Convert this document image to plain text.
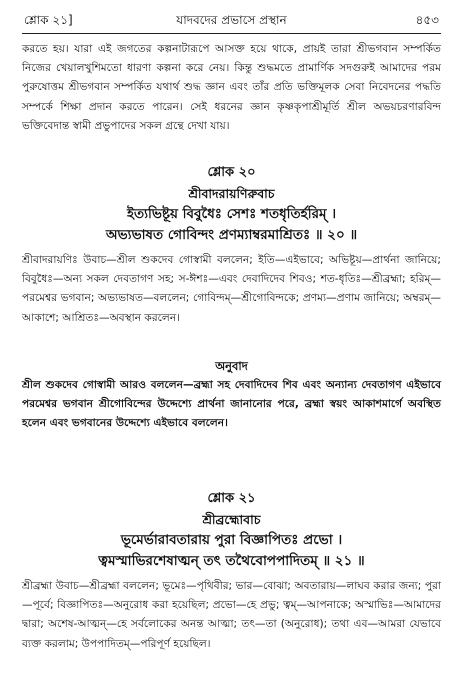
শ্লোক ২১]	যাদবদের প্রভাসে প্রস্থান	৪৫৩

করতে হয়। যারা এই জগতের কল্পনাটারূপে আসক্ত হয়ে থাকে, প্রায়ই তারা শ্রীভগবান সম্পর্কিত নিজের খেয়ালখুশিমতো ধারণা কল্পনা করে নেয়। কিন্তু শুদ্ধমতে প্রামার্ণিক সদগুরুই আমাদের পরম পুরুষোত্তম শ্রীভগবান সম্পর্কিত যথার্থ শুদ্ধ জ্ঞান এবং তাঁর প্রতি ভক্তিমূলক সেবা নিবেদনের পদ্ধতি সম্পর্কে শিক্ষা প্রদান করতে পারেন। সেই ধরনের জ্ঞান কৃষ্ণকৃপাশ্রীমূর্তি শ্রীল অভয়চরণারবিন্দ ভক্তিবেদান্ত স্বামী প্রভুপাদের সকল গ্রন্থে দেখা যায়।

শ্লোক ২০

শ্রীবাদরায়ণিরুবাচ

ইত্যভিষ্টূয় বিবুধৈঃ সেশঃ শতধৃতির্হরিম্ ।

অভ্যভাষত গোবিন্দং প্রণম্যাম্বরমাশ্রিতঃ ॥ ২০ ॥

শ্রীবাদরায়ণিঃ উবাচ—শ্রীল শুকদেব গোস্বামী বললেন; ইতি—এইভাবে; অভিষ্টূয়—প্রার্থনা জানিয়ে; বিবুধৈঃ—অন্য সকল দেবতাগণ সহ; স-ঈশঃ—এবং দেবাদিদেব শিবও; শত-ধৃতিঃ—শ্রীব্রহ্মা; হরিম্—পরমেশ্বর ভগবান; অভ্যভাষত—বললেন; গোবিন্দম্—শ্রীগোবিন্দকে; প্রণম্য—প্রণাম জানিয়ে; অম্বরম্—আকাশে; আশ্রিতঃ—অবস্থান করলেন।

অনুবাদ

শ্রীল শুকদেব গোস্বামী আরও বললেন—ব্রহ্মা সহ দেবাদিদেব শিব এবং অন্যান্য দেবতাগণ এইভাবে পরমেশ্বর ভগবান শ্রীগোবিন্দের উদ্দেশ্যে প্রার্থনা জানানোর পরে, ব্রহ্মা স্বয়ং আকাশমার্গে অবস্থিত হলেন এবং ভগবানের উদ্দেশ্যে এইভাবে বললেন।

শ্লোক ২১

শ্রীব্রহ্মোবাচ

ভূমের্ভারাবতারায় পুরা বিজ্ঞাপিতঃ প্রভো ।

ত্বমস্মাভিরশেষাত্মন্ তৎ তথৈবোপপাদিতম্ ॥ ২১ ॥

শ্রীব্রহ্মা উবাচ—শ্রীব্রহ্মা বললেন; ভূমেঃ—পৃথিবীর; ভার—বোঝা; অবতারায়—লাঘব করার জন্য; পুরা—পূর্বে; বিজ্ঞাপিতঃ—অনুরোধ করা হয়েছিল; প্রভো—হে প্রভু; ত্বম্—আপনাকে; অস্মাভিঃ—আমাদের দ্বারা; অশেষ-আত্মন্—হে সর্বলোকের অনন্ত আত্মা; তৎ—তা (অনুরোধ); তথা এব—আমরা যেভাবে ব্যক্ত করলাম; উপপাদিতম্—পরিপূর্ণ হয়েছিল।
